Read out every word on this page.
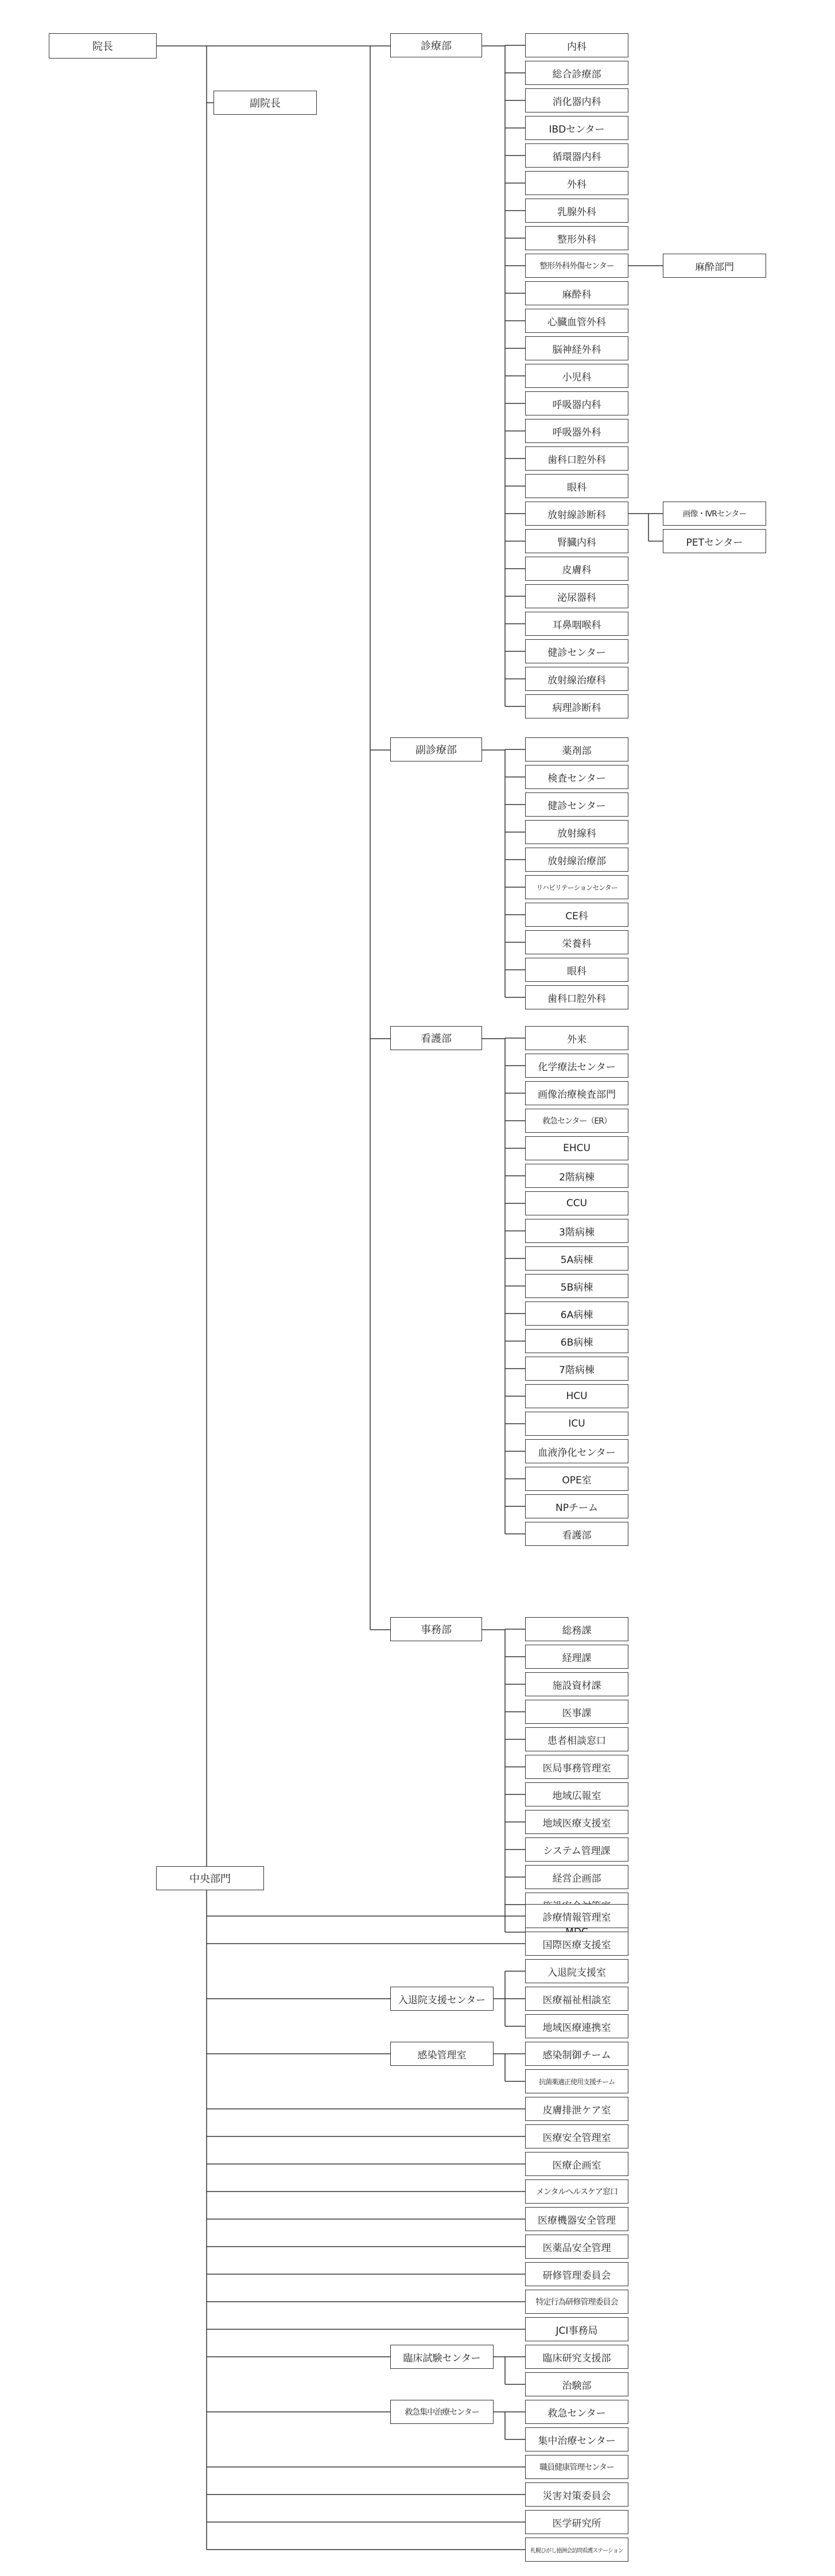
院長
副院長
診療部	内科
総合診療部
消化器内科
IBDセンター
循環器内科
外科
乳腺外科
整形外科
整形外科外傷センター
麻酔科
心臓血管外科
脳神経外科
小児科
呼吸器内科
呼吸器外科
歯科口腔外科
眼科
放射線診断科
腎臓内科
皮膚科
泌尿器科
耳鼻咽喉科
健診センター
放射線治療科
病理診断科
麻酔部門
画像・IVRセンター
PETセンター
副診療部	薬剤部
検査センター
健診センター
放射線科
放射線治療部
リハビリテーションセンター
CE科
栄養科
眼科
歯科口腔外科
看護部	外来
化学療法センター
画像治療検査部門
救急センター（ER）
EHCU
2階病棟
CCU
3階病棟
5A病棟
5B病棟
6A病棟
6B病棟
7階病棟
HCU
ICU
血液浄化センター
OPE室
NPチーム
看護部
事務部	総務課
経理課
施設資材課
医事課
患者相談窓口
医局事務管理室
地域広報室
地域医療支援室
システム管理課
経営企画部
中央部門
診療情報管理室
国際医療支援室
入退院支援室
医療福祉相談室
地域医療連携室
入退院支援センター
感染制御チーム
抗菌薬適正使用支援チーム
感染管理室
皮膚排泄ケア室
医療安全管理室
医療企画室
メンタルヘルスケア窓口
医療機器安全管理
医薬品安全管理
研修管理委員会
特定行為研修管理委員会
JCI事務局
臨床研究支援部
治験部
臨床試験センター
救急センター
集中治療センター
救急集中治療センター
職員健康管理センター
災害対策委員会
医学研究所
札幌ひがし徳洲会訪問看護ステーション
